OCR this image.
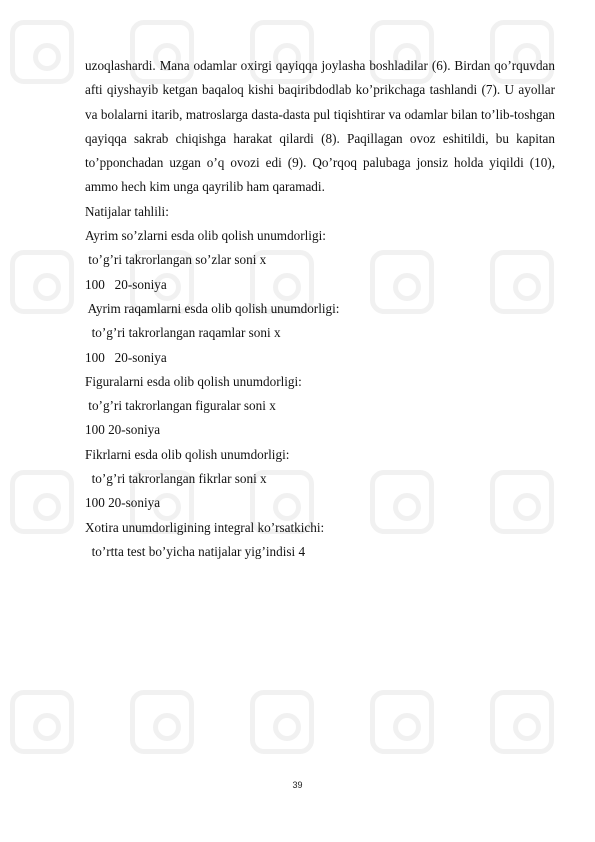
uzoqlashardi. Mana odamlar oxirgi qayiqqa joylasha boshladilar (6). Birdan qo’rquvdan afti qiyshayib ketgan baqaloq kishi baqiribdodlab ko’prikchaga tashlandi (7). U ayollar va bolalarni itarib, matroslarga dasta-dasta pul tiqishtirar va odamlar bilan to’lib-toshgan qayiqqa sakrab chiqishga harakat qilardi (8). Paqillagan ovoz eshitildi, bu kapitan to’pponchadan uzgan o’q ovozi edi (9). Qo’rqoq palubaga jonsiz holda yiqildi (10), ammo hech kim unga qayrilib ham qaramadi.

Natijalar tahlili:

Ayrim so’zlarni esda olib qolish unumdorligi:

to’g’ri takrorlangan so’zlar soni x

100   20-soniya

Ayrim raqamlarni esda olib qolish unumdorligi:

to’g’ri takrorlangan raqamlar soni x

100   20-soniya

Figuralarni esda olib qolish unumdorligi:

to’g’ri takrorlangan figuralar soni x

100 20-soniya

Fikrlarni esda olib qolish unumdorligi:

to’g’ri takrorlangan fikrlar soni x

100 20-soniya

Xotira unumdorligining integral ko’rsatkichi:

to’rtta test bo’yicha natijalar yig’indisi 4

39
